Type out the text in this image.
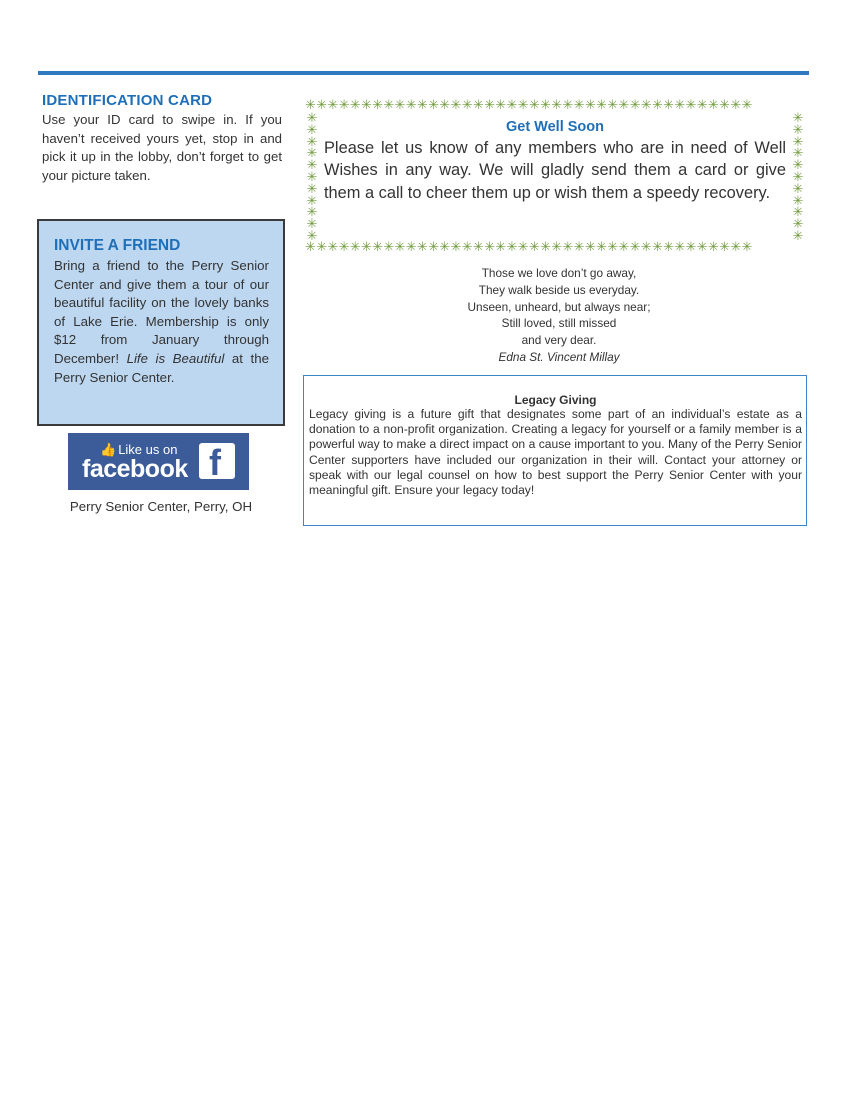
IDENTIFICATION CARD

Use your ID card to swipe in. If you haven’t received yours yet, stop in and pick it up in the lobby, don’t forget to get your picture taken.

INVITE A FRIEND

Bring a friend to the Perry Senior Center and give them a tour of our beautiful facility on the lovely banks of Lake Erie. Membership is only $12 from January through December! Life is Beautiful at the Perry Senior Center.

👍 Like us on
facebook f
Perry Senior Center, Perry, OH
✳✳✳✳✳✳✳✳✳✳✳✳✳✳✳✳✳✳✳✳✳✳✳✳✳✳✳✳✳✳✳✳✳✳✳✳✳✳✳✳
✳
✳
✳
✳
✳
✳
✳
✳
✳
✳
✳
✳
✳
✳
✳
✳
✳
✳
✳
✳
✳
✳
✳✳✳✳✳✳✳✳✳✳✳✳✳✳✳✳✳✳✳✳✳✳✳✳✳✳✳✳✳✳✳✳✳✳✳✳✳✳✳✳
Get Well Soon
Please let us know of any members who are in need of Well Wishes in any way. We will gladly send them a card or give them a call to cheer them up or wish them a speedy recovery.
Those we love don’t go away,
They walk beside us everyday.
Unseen, unheard, but always near;
Still loved, still missed
and very dear.
Edna St. Vincent Millay
Legacy Giving

Legacy giving is a future gift that designates some part of an individual’s estate as a donation to a non-profit organization. Creating a legacy for yourself or a family member is a powerful way to make a direct impact on a cause important to you. Many of the Perry Senior Center supporters have included our organization in their will. Contact your attorney or speak with our legal counsel on how to best support the Perry Senior Center with your meaningful gift. Ensure your legacy today!
